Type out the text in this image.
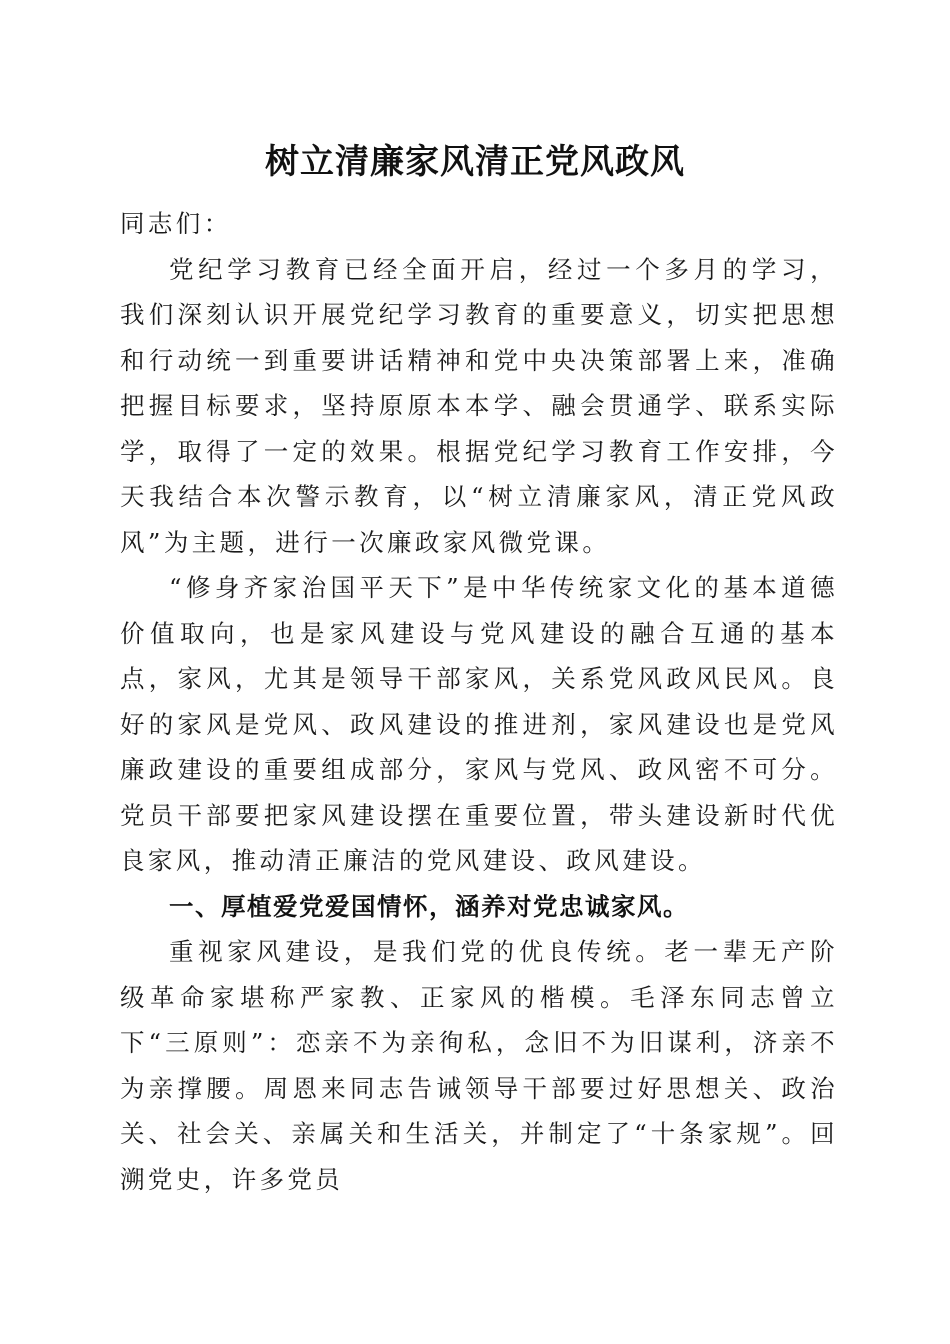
树立清廉家风清正党风政风

同志们：

党纪学习教育已经全面开启，经过一个多月的学习，我们深刻认识开展党纪学习教育的重要意义，切实把思想和行动统一到重要讲话精神和党中央决策部署上来，准确把握目标要求，坚持原原本本学、融会贯通学、联系实际学，取得了一定的效果。根据党纪学习教育工作安排，今天我结合本次警示教育，以“树立清廉家风，清正党风政风”为主题，进行一次廉政家风微党课。

“修身齐家治国平天下”是中华传统家文化的基本道德价值取向，也是家风建设与党风建设的融合互通的基本点，家风，尤其是领导干部家风，关系党风政风民风。良好的家风是党风、政风建设的推进剂，家风建设也是党风廉政建设的重要组成部分，家风与党风、政风密不可分。党员干部要把家风建设摆在重要位置，带头建设新时代优良家风，推动清正廉洁的党风建设、政风建设。

一、厚植爱党爱国情怀，涵养对党忠诚家风。

重视家风建设，是我们党的优良传统。老一辈无产阶级革命家堪称严家教、正家风的楷模。毛泽东同志曾立下“三原则”：恋亲不为亲徇私，念旧不为旧谋利，济亲不为亲撑腰。周恩来同志告诫领导干部要过好思想关、政治关、社会关、亲属关和生活关，并制定了“十条家规”。回溯党史，许多党员
